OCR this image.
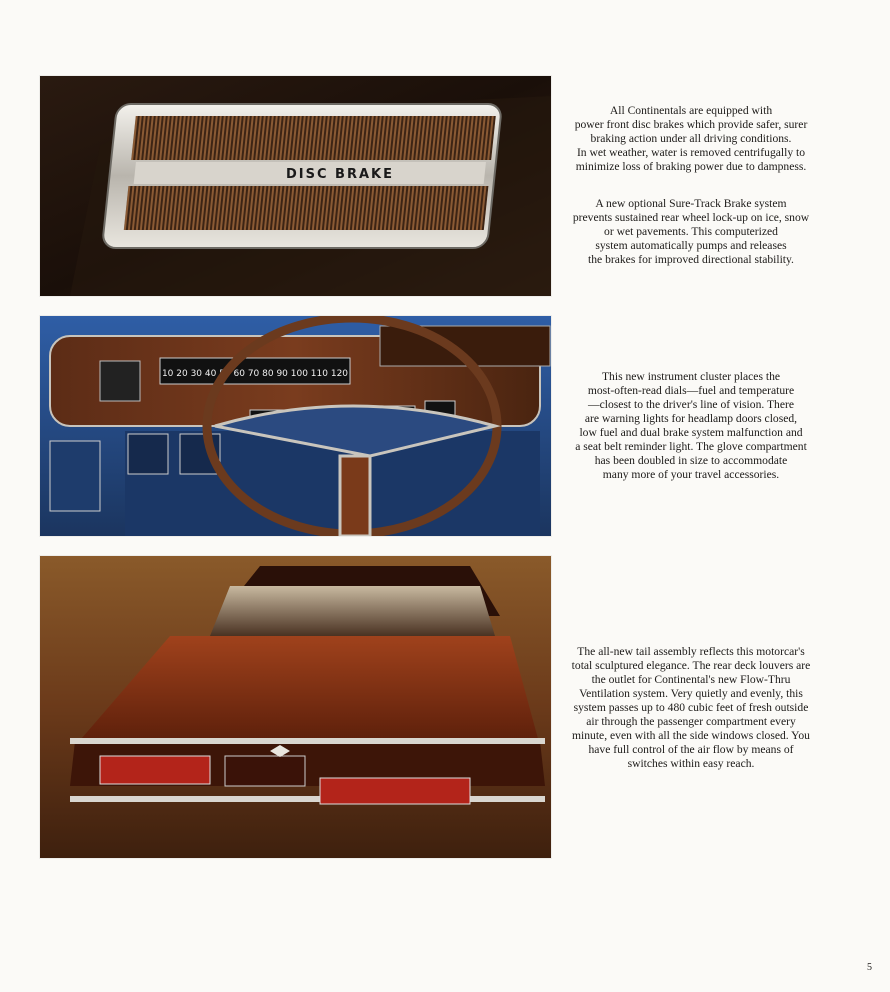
DISC BRAKE
10 20 30 40 50 60 70 80 90 100 110 120

All Continentals are equipped with
power front disc brakes which provide safer, surer
braking action under all driving conditions.
In wet weather, water is removed centrifugally to
minimize loss of braking power due to dampness.

A new optional Sure-Track Brake system
prevents sustained rear wheel lock-up on ice, snow
or wet pavements. This computerized
system automatically pumps and releases
the brakes for improved directional stability.

This new instrument cluster places the
most-often-read dials—fuel and temperature
—closest to the driver's line of vision. There
are warning lights for headlamp doors closed,
low fuel and dual brake system malfunction and
a seat belt reminder light. The glove compartment
has been doubled in size to accommodate
many more of your travel accessories.

The all-new tail assembly reflects this motorcar's
total sculptured elegance. The rear deck louvers are
the outlet for Continental's new Flow-Thru
Ventilation system. Very quietly and evenly, this
system passes up to 480 cubic feet of fresh outside
air through the passenger compartment every
minute, even with all the side windows closed. You
have full control of the air flow by means of
switches within easy reach.

5
